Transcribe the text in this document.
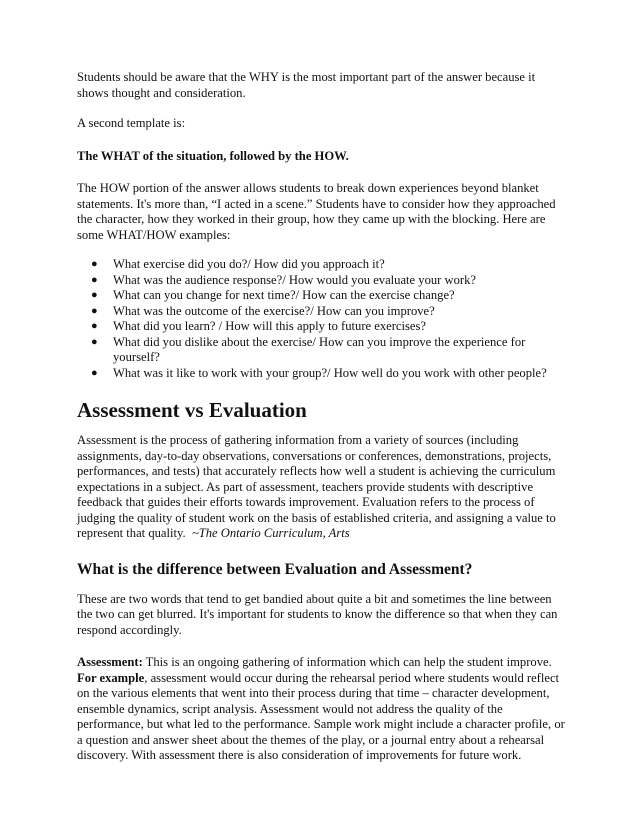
Students should be aware that the WHY is the most important part of the answer because it shows thought and consideration.

A second template is:

The WHAT of the situation, followed by the HOW.

The HOW portion of the answer allows students to break down experiences beyond blanket statements. It's more than, “I acted in a scene.” Students have to consider how they approached the character, how they worked in their group, how they came up with the blocking. Here are some WHAT/HOW examples:

● What exercise did you do?/ How did you approach it?
● What was the audience response?/ How would you evaluate your work?
● What can you change for next time?/ How can the exercise change?
● What was the outcome of the exercise?/ How can you improve?
● What did you learn? / How will this apply to future exercises?
● What did you dislike about the exercise/ How can you improve the experience for yourself?
● What was it like to work with your group?/ How well do you work with other people?
Assessment vs Evaluation

Assessment is the process of gathering information from a variety of sources (including assignments, day-to-day observations, conversations or conferences, demonstrations, projects, performances, and tests) that accurately reflects how well a student is achieving the curriculum expectations in a subject. As part of assessment, teachers provide students with descriptive feedback that guides their efforts towards improvement. Evaluation refers to the process of judging the quality of student work on the basis of established criteria, and assigning a value to represent that quality. ~The Ontario Curriculum, Arts

What is the difference between Evaluation and Assessment?

These are two words that tend to get bandied about quite a bit and sometimes the line between the two can get blurred. It's important for students to know the difference so that when they can respond accordingly.

Assessment: This is an ongoing gathering of information which can help the student improve.
For example, assessment would occur during the rehearsal period where students would reflect on the various elements that went into their process during that time – character development, ensemble dynamics, script analysis. Assessment would not address the quality of the performance, but what led to the performance. Sample work might include a character profile, or a question and answer sheet about the themes of the play, or a journal entry about a rehearsal discovery. With assessment there is also consideration of improvements for future work.
